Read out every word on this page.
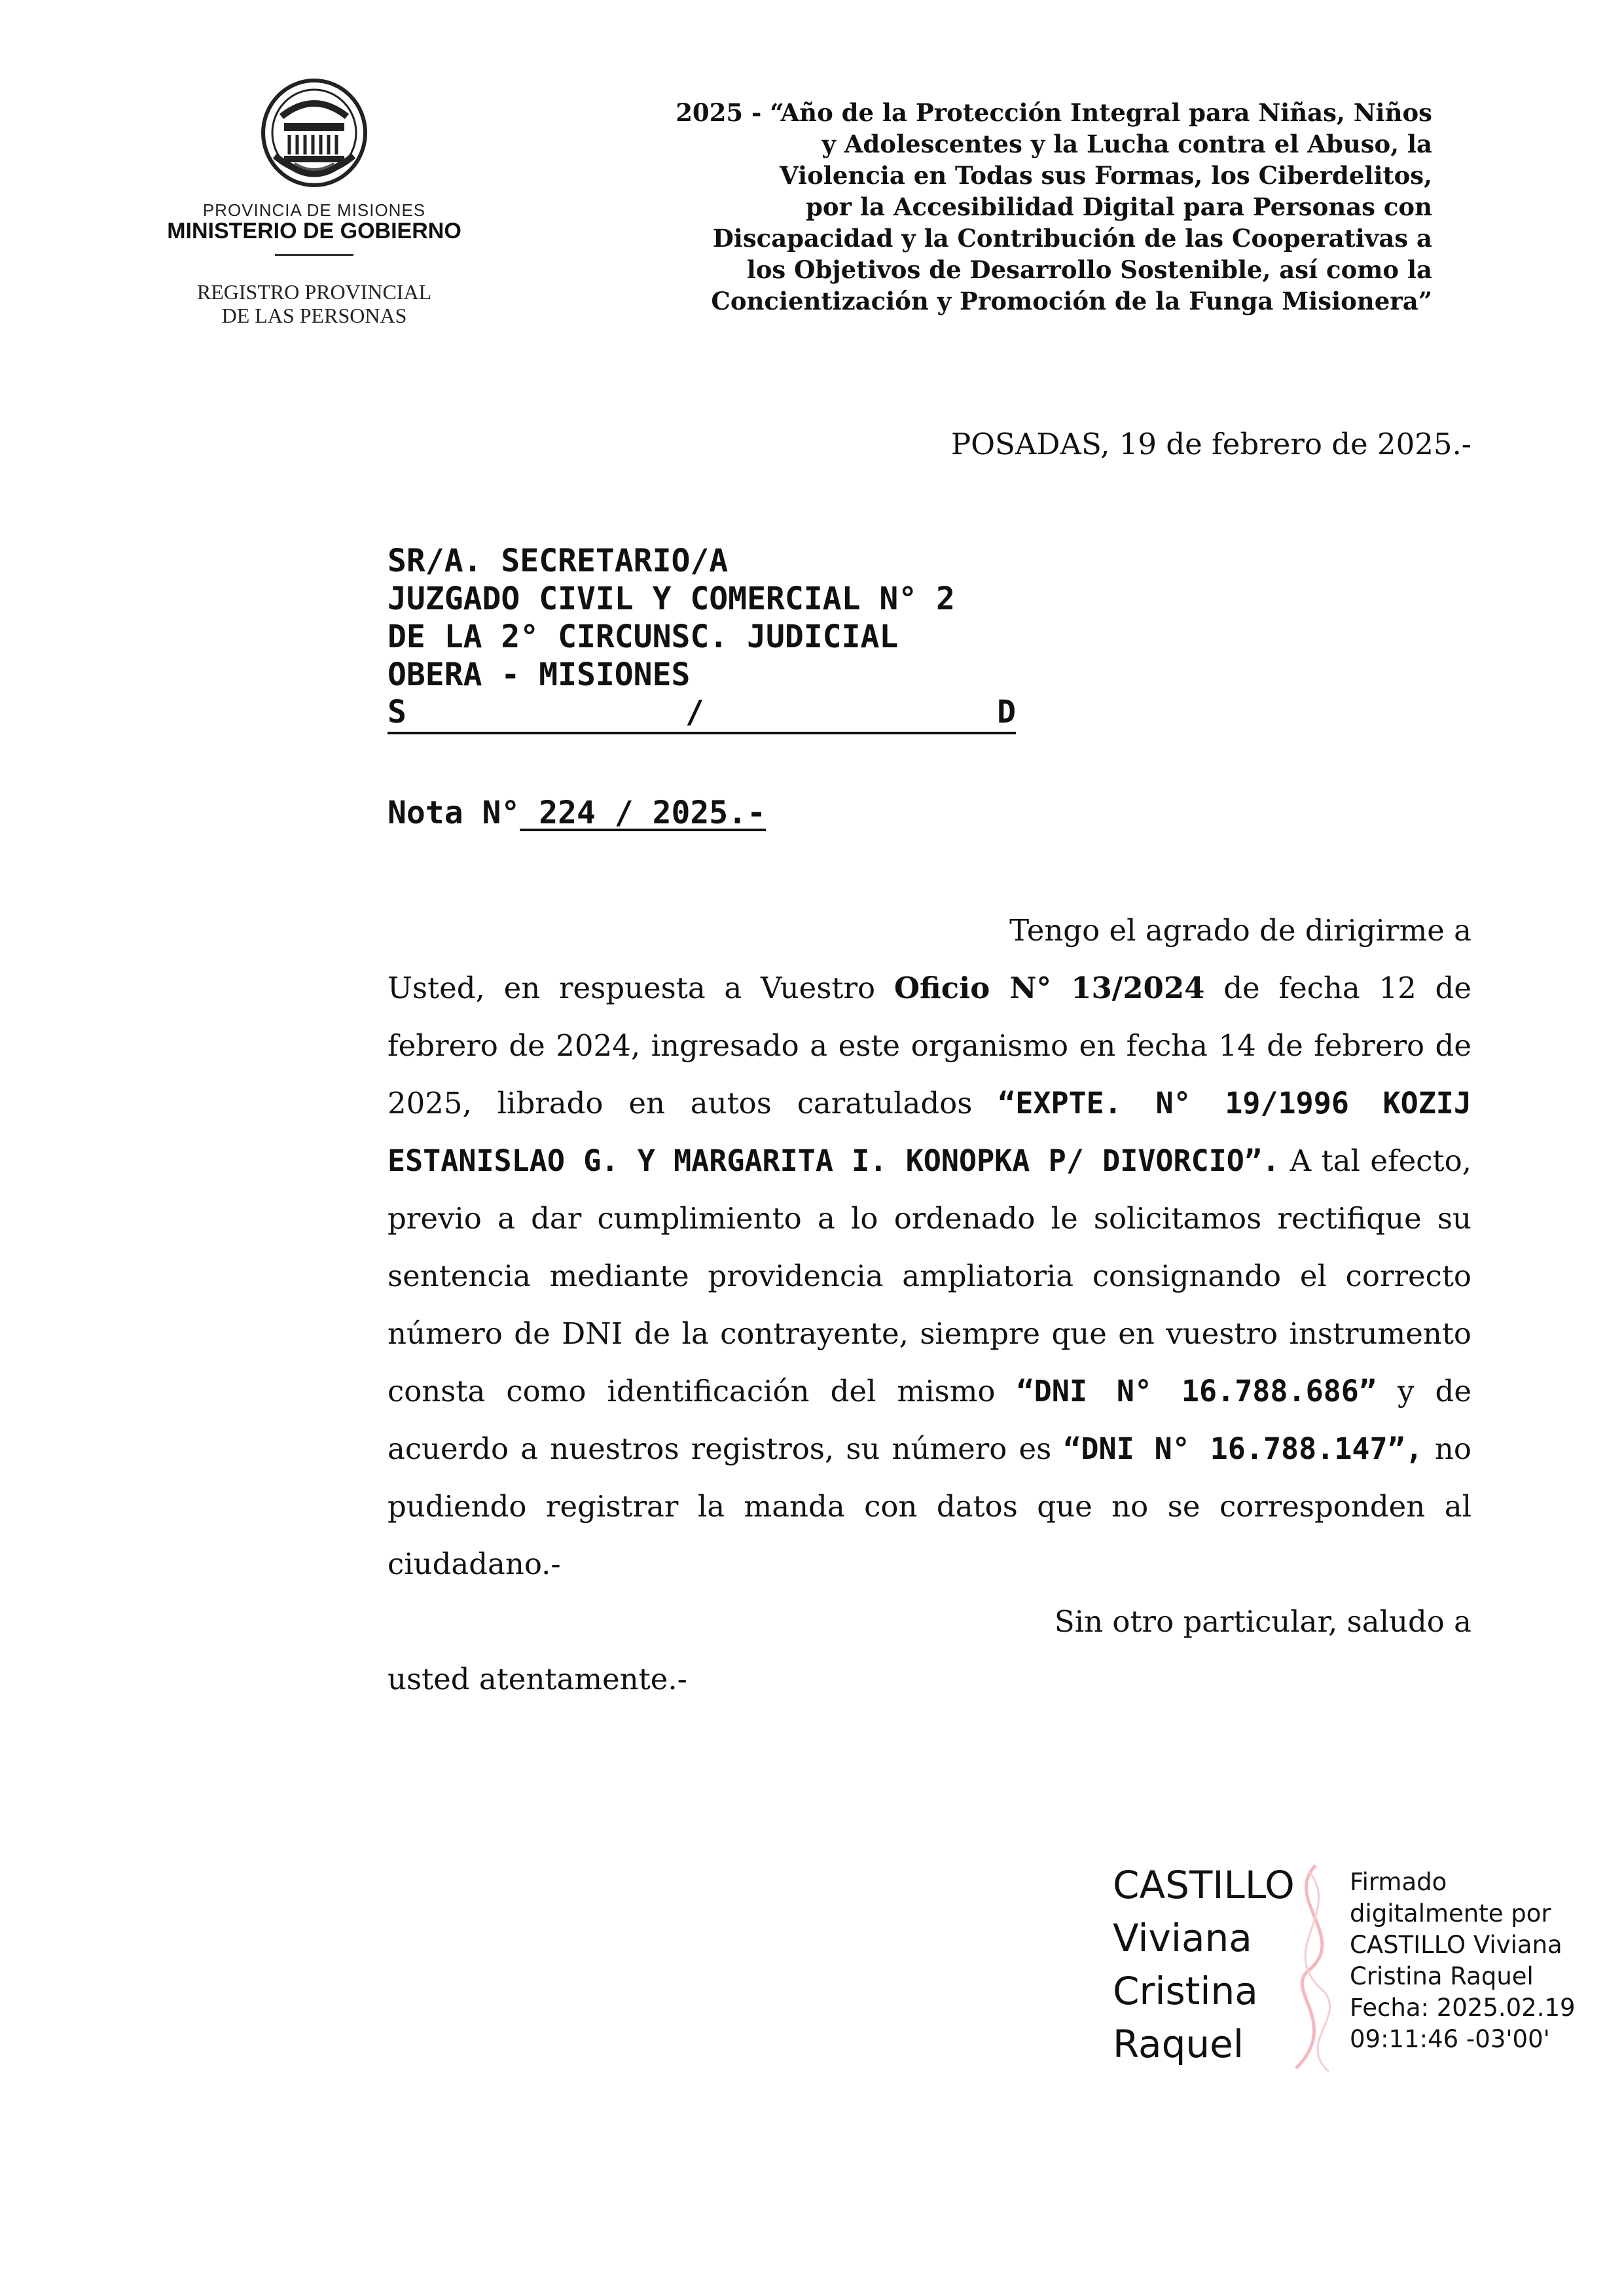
PROVINCIA DE MISIONES
MINISTERIO DE GOBIERNO
REGISTRO PROVINCIAL
DE LAS PERSONAS
2025 - “Año de la Protección Integral para Niñas, Niños
y Adolescentes y la Lucha contra el Abuso, la
Violencia en Todas sus Formas, los Ciberdelitos,
por la Accesibilidad Digital para Personas con
Discapacidad y la Contribución de las Cooperativas a
los Objetivos de Desarrollo Sostenible, así como la
Concientización y Promoción de la Funga Misionera”
POSADAS, 19 de febrero de 2025.-
SR/A. SECRETARIO/A
JUZGADO CIVIL Y COMERCIAL N° 2
DE LA 2° CIRCUNSC. JUDICIAL
OBERA - MISIONES
S	/	D
Nota N° 224 / 2025.-

Tengo el agrado de dirigirme a

Usted, en respuesta a Vuestro Oficio N° 13/2024 de fecha 12 de febrero de 2024, ingresado a este organismo en fecha 14 de febrero de 2025, librado en autos caratulados “EXPTE. N° 19/1996 KOZIJ ESTANISLAO G. Y MARGARITA I. KONOPKA P/ DIVORCIO”. A tal efecto, previo a dar cumplimiento a lo ordenado le solicitamos rectifique su sentencia mediante providencia ampliatoria consignando el correcto número de DNI de la contrayente, siempre que en vuestro instrumento consta como identificación del mismo “DNI N° 16.788.686” y de acuerdo a nuestros registros, su número es “DNI N° 16.788.147”, no pudiendo registrar la manda con datos que no se corresponden al ciudadano.-

Sin otro particular, saludo a

usted atentamente.-

CASTILLO
Viviana
Cristina
Raquel
Firmado
digitalmente por
CASTILLO Viviana
Cristina Raquel
Fecha: 2025.02.19
09:11:46 -03'00'
